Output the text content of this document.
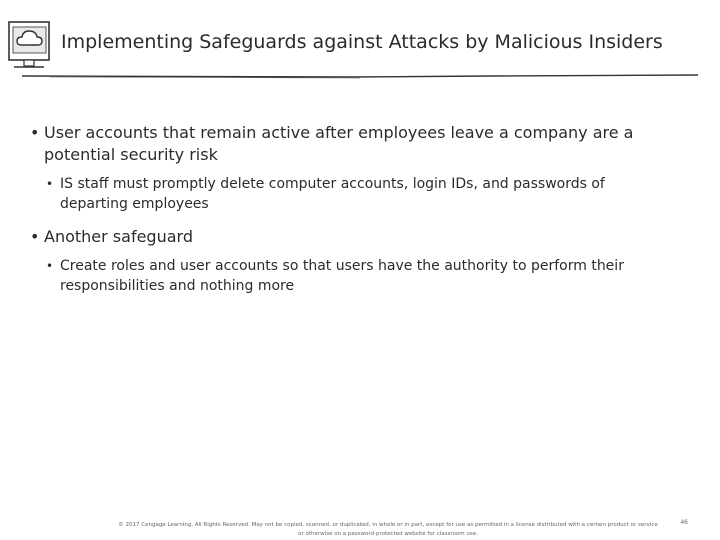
Implementing Safeguards against Attacks by Malicious Insiders
• User accounts that remain active after employees leave a company are a potential security risk
• IS staff must promptly delete computer accounts, login IDs, and passwords of departing employees
• Another safeguard
• Create roles and user accounts so that users have the authority to perform their responsibilities and nothing more
© 2017 Cengage Learning. All Rights Reserved. May not be copied, scanned, or duplicated, in whole or in part, except for use as permitted in a license distributed with a certain product or service or otherwise on a password-protected website for classroom use.
46
